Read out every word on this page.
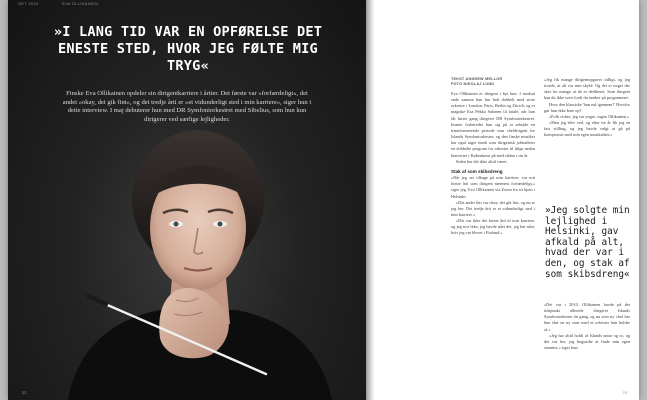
OKT 2020	EVA OLLIKAINEN
»I LANG TID VAR EN OPFØRELSE DET ENESTE STED, HVOR JEG FØLTE MIG TRYG«

Finske Eva Ollikainen opdeler sin dirigentkarriere i årtier. Det første var »forfærdeligt«, det andet »okay, det gik fint«, og det tredje årti er »et vidunderligt sted i min karriere«, siger hun i dette interview. I maj debuterer hun med DR Symfoniorkestret med Sibelius, som hun kun dirigerer ved særlige lejligheder.

22
TEKST ANDREW MELLOR
FOTO NIKOLAJ LUND

Eva Ollikainen er dirigent i byt kun. I modsat ende samme hun har haft dobbelt med store orkestre i London, Paris, Berlin og Zürich, og er magiske Esa Pekka Salonen til fatale, når hun får første gang dirigerer DR Symfoniorkestret. Immer forbereder hun sig på at arbejde en transformerende periode som chefdirigent for Islands Symfoniorkester, og den finske musiker har også taget rundt som dirigentsk jobbatleter en dobbelte program for orkester til følge neden koncerter i København på med sådan i sin år.

Siden har det ikke altid været.

Stak af som skibsdreng

»Når jeg ser tilbage på min karriere, var mit første årti som dirigent nærmest forfærdeligt,« siger jeg. Eva Ollikainen via Zoom fra sit hjem i Helsinki.

»Det andet årti var okay, det gik fint, og nu er jeg her. Det tredje årti er et vidunderligt sted i min karriere.«

»Det var ikke det første årti af min karriere, og jeg tror ikke, jeg havde nået det, jeg har nået, hvis jeg var blevet i Finland.«

»Jeg fik mange dirigentopgaver tidligt, og jeg troede, at alt var min skyld. Og det er noget der sker for mange, at de er dedikeret. Som dirigent kan du ikke sove fordi du tænker på programmet.

Hvor den klassiske 'hun må igennem?' Hvorfor gør hun ikke bare op?

»Folk vidste, jeg var yngre, ingen Ollikainen.«

»Men jeg blev ved, og efter tre år fik jeg en fast stilling, og jeg havde valgt at gå på kompromis med min egen musikalitet.«

»Jeg solgte min lejlighed i Helsinki, gav afkald på alt, hvad der var i den, og stak af som skibsdreng«

»Det var i 2010. Ollikainen havde på det tidspunkt allerede dirigeret Islands Symfoniorkester én gang, og nu som ny chef har hun fået en ny start med et orkester hun holder af.«

»Jeg har altid holdt af Islands natur og ro, og det var her, jeg begyndte at finde min egen stemme,« siger hun.

23
